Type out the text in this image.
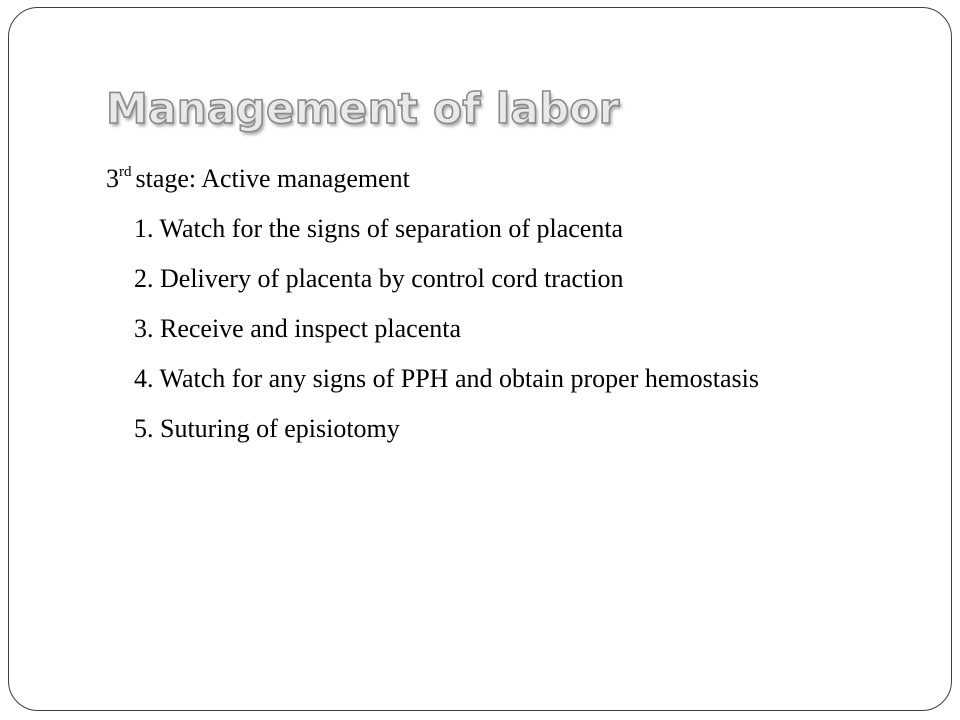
Management of labor
3rd stage: Active management
1. Watch for the signs of separation of placenta
2. Delivery of placenta by control cord traction
3. Receive and inspect placenta
4. Watch for any signs of PPH and obtain proper hemostasis
5. Suturing of episiotomy
